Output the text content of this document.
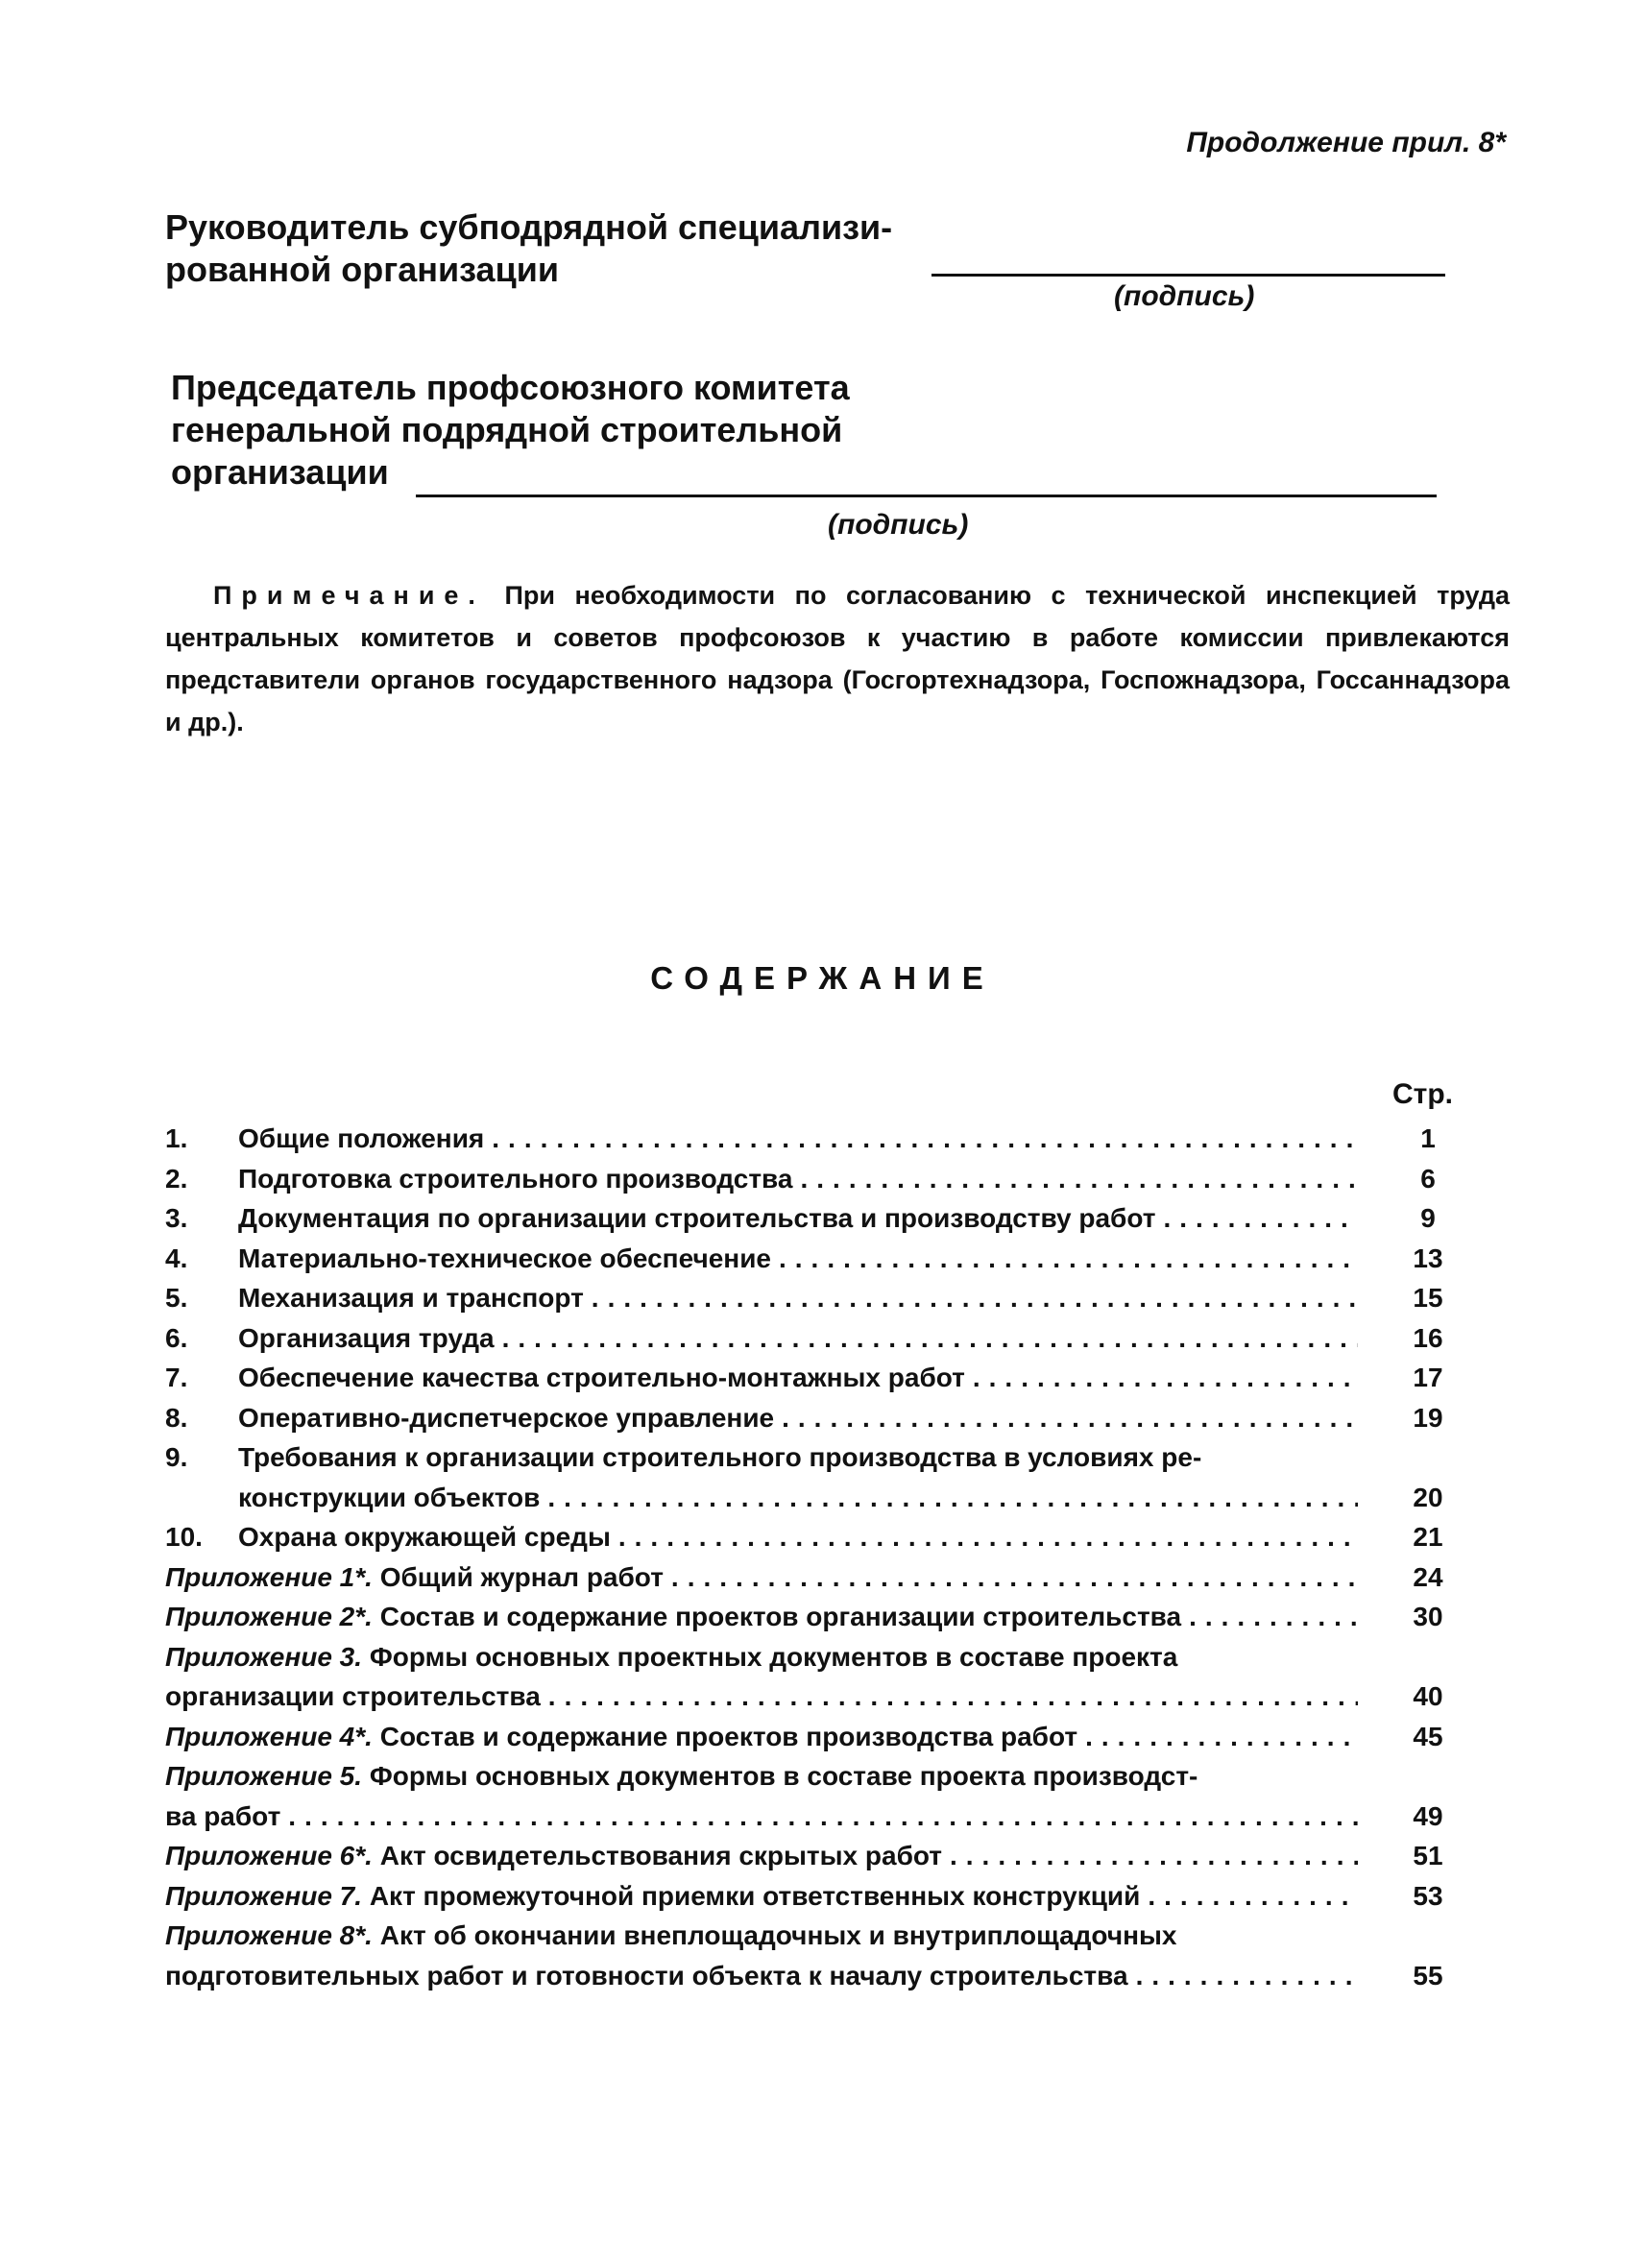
Продолжение прил. 8*
Руководитель субподрядной специализи-
рованной организации
(подпись)
Председатель профсоюзного комитета
генеральной подрядной строительной
организации
(подпись)
Примечание. При необходимости по согласованию с технической инспекцией труда центральных комитетов и советов профсоюзов к участию в работе комиссии привлекаются представители органов государственного надзора (Госгортехнадзора, Госпожнадзора, Госсаннадзора и др.).
СОДЕРЖАНИЕ
Стр.
1.	Общие положения .....	1
2.	Подготовка строительного производства .....	6
3.	Документация по организации строительства и производству работ .....	9
4.	Материально-техническое обеспечение .....	13
5.	Механизация и транспорт .....	15
6.	Организация труда .....	16
7.	Обеспечение качества строительно-монтажных работ .....	17
8.	Оперативно-диспетчерское управление .....	19
9.	Требования к организации строительного производства в условиях ре-
конструкции объектов .....	20
10.	Охрана окружающей среды .....	21
Приложение 1*. Общий журнал работ .....	24
Приложение 2*. Состав и содержание проектов организации строительства .....	30
Приложение 3. Формы основных проектных документов в составе проекта
организации строительства .....	40
Приложение 4*. Состав и содержание проектов производства работ .....	45
Приложение 5. Формы основных документов в составе проекта производст-
ва работ .....	49
Приложение 6*. Акт освидетельствования скрытых работ .....	51
Приложение 7. Акт промежуточной приемки ответственных конструкций .....	53
Приложение 8*. Акт об окончании внеплощадочных и внутриплощадочных
подготовительных работ и готовности объекта к началу строительства .....	55
